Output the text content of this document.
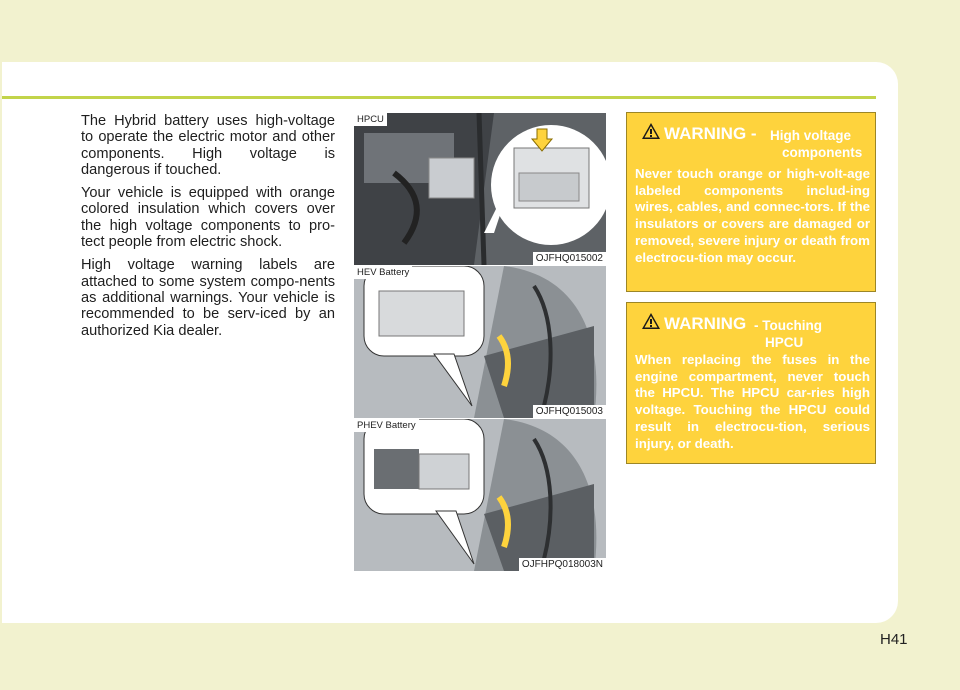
The Hybrid battery uses high-voltage to operate the electric motor and other components. High voltage is dangerous if touched.

Your vehicle is equipped with orange colored insulation which covers over the high voltage components to pro-tect people from electric shock.

High voltage warning labels are attached to some system compo-nents as additional warnings. Your vehicle is recommended to be serv-iced by an authorized Kia dealer.

HPCU
OJFHQ015002
HEV Battery
OJFHQ015003
PHEV Battery
OJFHPQ018003N
WARNING - High voltage
components
Never touch orange or high-volt-age labeled components includ-ing wires, cables, and connec-tors. If the insulators or covers are damaged or removed, severe injury or death from electrocu-tion may occur.
WARNING - Touching
HPCU
When replacing the fuses in the engine compartment, never touch the HPCU. The HPCU car-ries high voltage. Touching the HPCU could result in electrocu-tion, serious injury, or death.
H41
